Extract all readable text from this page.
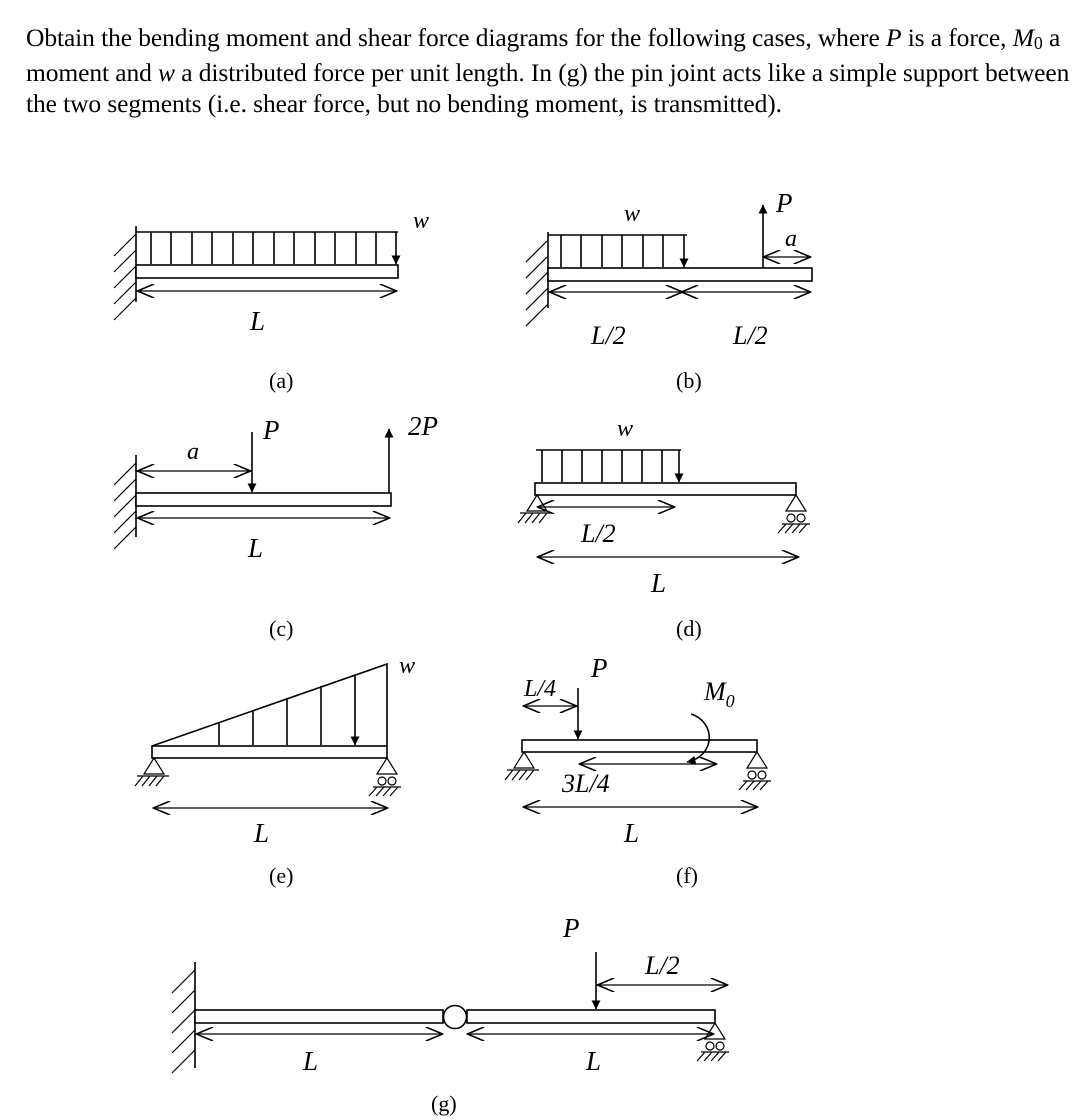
Obtain the bending moment and shear force diagrams for the following cases, where P is a force, $M_0$ a moment and w a distributed force per unit length. In (g) the pin joint acts like a simple support between the two segments (i.e. shear force, but no bending moment, is transmitted).
w
L
(a)
w	P
a
L/2	L/2
(b)
a
P	2P
L
(c)
w
L/2
L
(d)
w
L
(e)
L/4
P
$M_0$
3L/4
L
(f)
P
L/2
L	L
(g)
